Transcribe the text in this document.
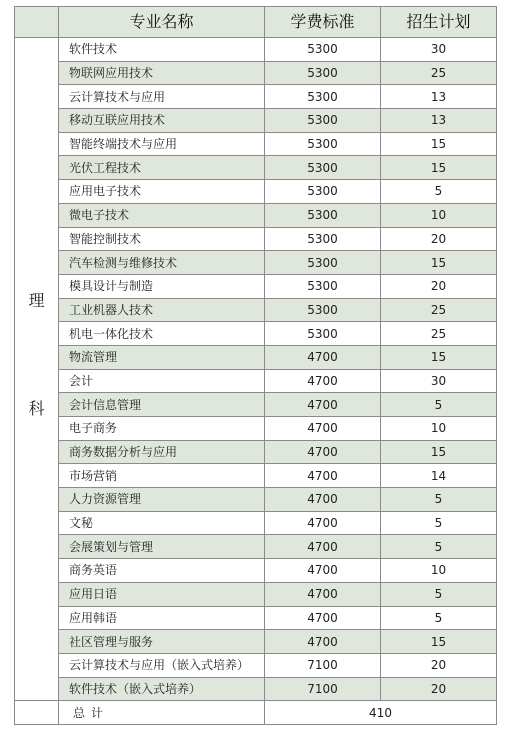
	专业名称	学费标准	招生计划

理
科	软件技术	5300	30
	物联网应用技术	5300	25
	云计算技术与应用	5300	13
	移动互联应用技术	5300	13
	智能终端技术与应用	5300	15
	光伏工程技术	5300	15
	应用电子技术	5300	5
	微电子技术	5300	10
	智能控制技术	5300	20
	汽车检测与维修技术	5300	15
	模具设计与制造	5300	20
	工业机器人技术	5300	25
	机电一体化技术	5300	25
	物流管理	4700	15
	会计	4700	30
	会计信息管理	4700	5
	电子商务	4700	10
	商务数据分析与应用	4700	15
	市场营销	4700	14
	人力资源管理	4700	5
	文秘	4700	5
	会展策划与管理	4700	5
	商务英语	4700	10
	应用日语	4700	5
	应用韩语	4700	5
	社区管理与服务	4700	15
	云计算技术与应用（嵌入式培养）	7100	20
	软件技术（嵌入式培养）	7100	20
	总计	410	
